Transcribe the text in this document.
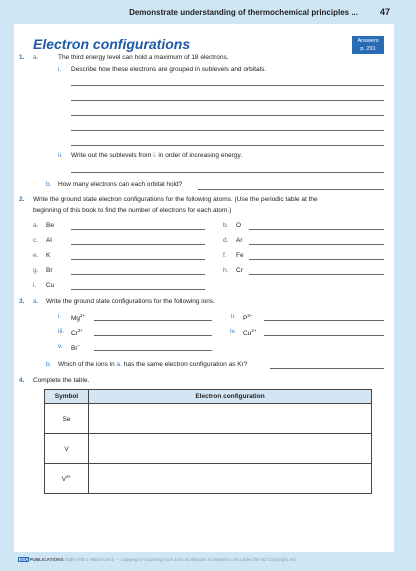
Demonstrate understanding of thermochemical principles ... 47
Electron configurations	Answers
p. 291
1. a.	The third energy level can hold a maximum of 18 electrons.
i. Describe how these electrons are grouped in sublevels and orbitals.
ii. Write out the sublevels from i. in order of increasing energy.
b. How many electrons can each orbital hold?
2. Write the ground state electron configurations for the following atoms. (Use the periodic table at the
beginning of this book to find the number of electrons for each atom.)
a. Be	b. O
c. Al	d. Ar
e. K	f. Fe
g. Br	h. Cr
i. Cu
3. a. Write the ground state configurations for the following ions.
i. $Mg^{2+}$	ii. $P^{3-}$
iii. $Cr^{3+}$	iv. $Cu^{2+}$
v. Br–
b. Which of the ions in a. has the same electron configuration as Kr?
4. Complete the table.
Symbol	Electron configuration
Se	
V	
$V^{3+}$	
ESAPUBLICATIONS ISBN 978-1-98814-33-1 — Copying or scanning from ESA workbooks is limited to 3% under the NZ Copyright Act.
